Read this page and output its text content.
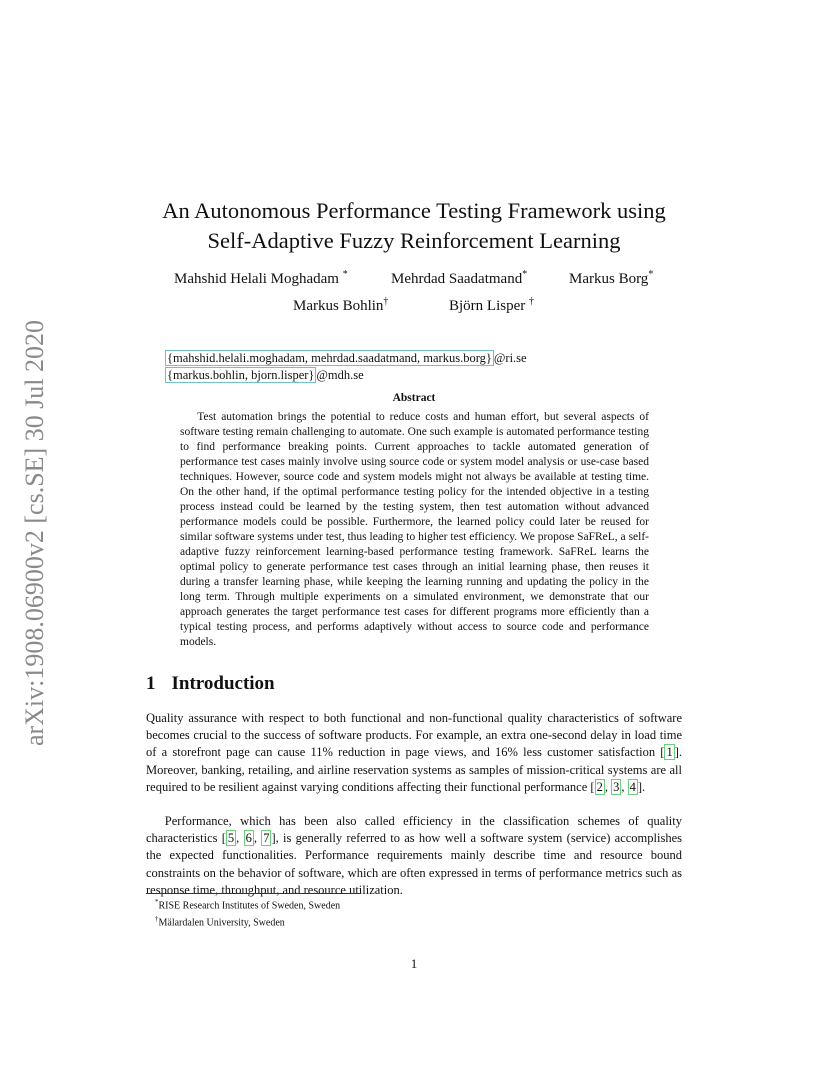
arXiv:1908.06900v2 [cs.SE] 30 Jul 2020
An Autonomous Performance Testing Framework using
Self-Adaptive Fuzzy Reinforcement Learning
Mahshid Helali Moghadam *	Mehrdad Saadatmand*	Markus Borg*
Markus Bohlin†	Björn Lisper †
{mahshid.helali.moghadam, mehrdad.saadatmand, markus.borg} @ri.se
{markus.bohlin, bjorn.lisper} @mdh.se
Abstract

Test automation brings the potential to reduce costs and human effort, but several aspects of software testing remain challenging to automate. One such example is automated performance testing to find performance breaking points. Current approaches to tackle automated generation of performance test cases mainly involve using source code or system model analysis or use-case based techniques. However, source code and system models might not always be available at testing time. On the other hand, if the optimal performance testing policy for the intended objective in a testing process instead could be learned by the testing system, then test automation without advanced performance models could be possible. Furthermore, the learned policy could later be reused for similar software systems under test, thus leading to higher test efficiency. We propose SaFReL, a self-adaptive fuzzy reinforcement learning-based performance testing framework. SaFReL learns the optimal policy to generate performance test cases through an initial learning phase, then reuses it during a transfer learning phase, while keeping the learning running and updating the policy in the long term. Through multiple experiments on a simulated environment, we demonstrate that our approach generates the target performance test cases for different programs more efficiently than a typical testing process, and performs adaptively without access to source code and performance models.

1 Introduction

Quality assurance with respect to both functional and non-functional quality characteristics of software becomes crucial to the success of software products. For example, an extra one-second delay in load time of a storefront page can cause 11% reduction in page views, and 16% less customer satisfaction [ 1 ]. Moreover, banking, retailing, and airline reservation systems as samples of mission-critical systems are all required to be resilient against varying conditions affecting their functional performance [ 2 , 3 , 4 ].

Performance, which has been also called efficiency in the classification schemes of quality characteristics [ 5 , 6 , 7 ], is generally referred to as how well a software system (service) accomplishes the expected functionalities. Performance requirements mainly describe time and resource bound constraints on the behavior of software, which are often expressed in terms of performance metrics such as response time, throughput, and resource utilization.

*RISE Research Institutes of Sweden, Sweden
†Mälardalen University, Sweden
1
